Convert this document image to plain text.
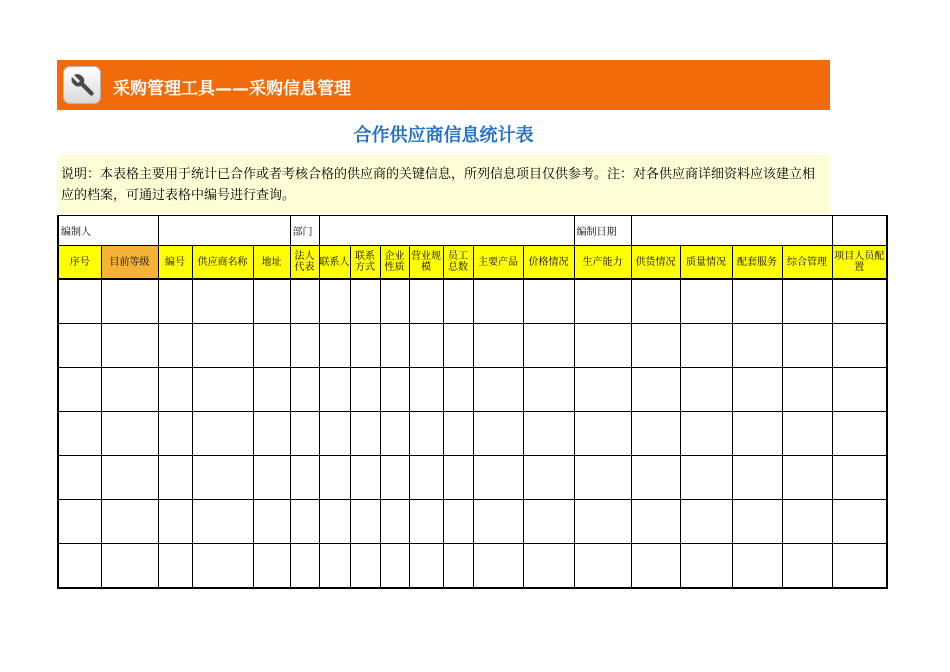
采购管理工具——采购信息管理
合作供应商信息统计表
说明：本表格主要用于统计已合作或者考核合格的供应商的关键信息，所列信息项目仅供参考。注：对各供应商详细资料应该建立相应的档案，可通过表格中编号进行查询。
编制人					部门								编制日期					
序号	目前等级	编号	供应商名称	地址	法人代表	联系人	联系方式	企业性质	营业规模	员工总数	主要产品	价格情况	生产能力	供货情况	质量情况	配套服务	综合管理	项目人员配置
